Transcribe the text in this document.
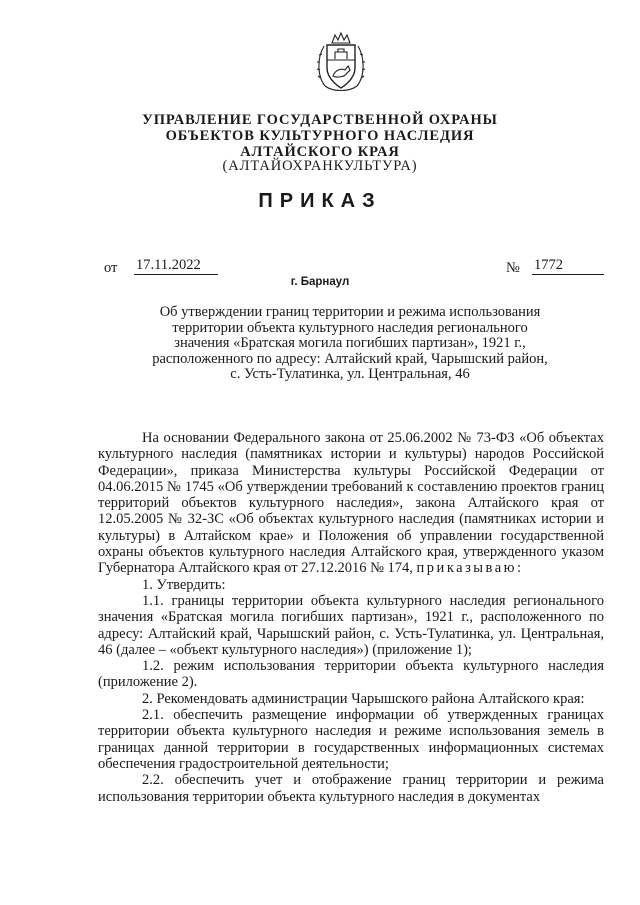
УПРАВЛЕНИЕ ГОСУДАРСТВЕННОЙ ОХРАНЫ
ОБЪЕКТОВ КУЛЬТУРНОГО НАСЛЕДИЯ
АЛТАЙСКОГО КРАЯ
(АЛТАЙОХРАНКУЛЬТУРА)
ПРИКАЗ
от 17.11.2022	№ 1772
г. Барнаул
Об утверждении границ территории и режима использования
территории объекта культурного наследия регионального
значения «Братская могила погибших партизан», 1921 г.,
расположенного по адресу: Алтайский край, Чарышский район,
с. Усть-Тулатинка, ул. Центральная, 46

На основании Федерального закона от 25.06.2002 № 73-ФЗ «Об объектах культурного наследия (памятниках истории и культуры) народов Российской Федерации», приказа Министерства культуры Российской Федерации от 04.06.2015 № 1745 «Об утверждении требований к составлению проектов границ территорий объектов культурного наследия», закона Алтайского края от 12.05.2005 № 32-ЗС «Об объектах культурного наследия (памятниках истории и культуры) в Алтайском крае» и Положения об управлении государственной охраны объектов культурного наследия Алтайского края, утвержденного указом Губернатора Алтайского края от 27.12.2016 № 174, приказываю:

1. Утвердить:

1.1. границы территории объекта культурного наследия регионального значения «Братская могила погибших партизан», 1921 г., расположенного по адресу: Алтайский край, Чарышский район, с. Усть-Тулатинка, ул. Центральная, 46 (далее – «объект культурного наследия») (приложение 1);

1.2. режим использования территории объекта культурного наследия (приложение 2).

2. Рекомендовать администрации Чарышского района Алтайского края:

2.1. обеспечить размещение информации об утвержденных границах территории объекта культурного наследия и режиме использования земель в границах данной территории в государственных информационных системах обеспечения градостроительной деятельности;

2.2. обеспечить учет и отображение границ территории и режима использования территории объекта культурного наследия в документах
